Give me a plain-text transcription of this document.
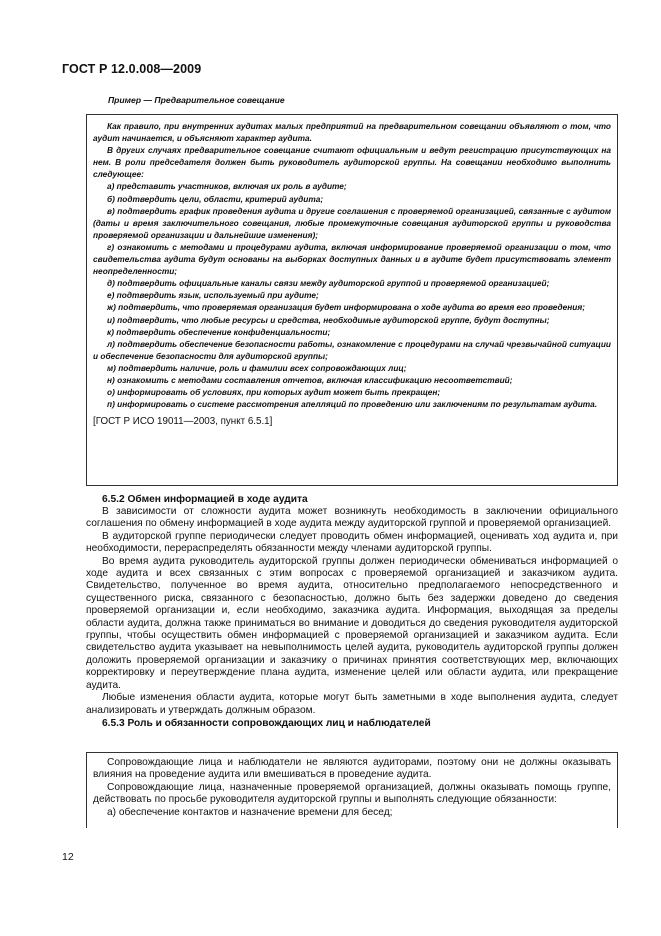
ГОСТ Р 12.0.008—2009
Пример — Предварительное совещание

Как правило, при внутренних аудитах малых предприятий на предварительном совещании объявляют о том, что аудит начинается, и объясняют характер аудита.

В других случаях предварительное совещание считают официальным и ведут регистрацию присутствующих на нем. В роли председателя должен быть руководитель аудиторской группы. На совещании необходимо выполнить следующее:

а) представить участников, включая их роль в аудите;

б) подтвердить цели, области, критерий аудита;

в) подтвердить график проведения аудита и другие соглашения с проверяемой организацией, связанные с аудитом (даты и время заключительного совещания, любые промежуточные совещания аудиторской группы и руководства проверяемой организации и дальнейшие изменения);

г) ознакомить с методами и процедурами аудита, включая информирование проверяемой организации о том, что свидетельства аудита будут основаны на выборках доступных данных и в аудите будет присутствовать элемент неопределенности;

д) подтвердить официальные каналы связи между аудиторской группой и проверяемой организацией;

е) подтвердить язык, используемый при аудите;

ж) подтвердить, что проверяемая организация будет информирована о ходе аудита во время его проведения;

и) подтвердить, что любые ресурсы и средства, необходимые аудиторской группе, будут доступны;

к) подтвердить обеспечение конфиденциальности;

л) подтвердить обеспечение безопасности работы, ознакомление с процедурами на случай чрезвычайной ситуации и обеспечение безопасности для аудиторской группы;

м) подтвердить наличие, роль и фамилии всех сопровождающих лиц;

н) ознакомить с методами составления отчетов, включая классификацию несоответствий;

о) информировать об условиях, при которых аудит может быть прекращен;

п) информировать о системе рассмотрения апелляций по проведению или заключениям по результатам аудита.

[ГОСТ Р ИСО 19011—2003, пункт 6.5.1]

6.5.2 Обмен информацией в ходе аудита

В зависимости от сложности аудита может возникнуть необходимость в заключении официального соглашения по обмену информацией в ходе аудита между аудиторской группой и проверяемой организацией.

В аудиторской группе периодически следует проводить обмен информацией, оценивать ход аудита и, при необходимости, перераспределять обязанности между членами аудиторской группы.

Во время аудита руководитель аудиторской группы должен периодически обмениваться информацией о ходе аудита и всех связанных с этим вопросах с проверяемой организацией и заказчиком аудита. Свидетельство, полученное во время аудита, относительно предполагаемого непосредственного и существенного риска, связанного с безопасностью, должно быть без задержки доведено до сведения проверяемой организации и, если необходимо, заказчика аудита. Информация, выходящая за пределы области аудита, должна также приниматься во внимание и доводиться до сведения руководителя аудиторской группы, чтобы осуществить обмен информацией с проверяемой организацией и заказчиком аудита. Если свидетельство аудита указывает на невыполнимость целей аудита, руководитель аудиторской группы должен доложить проверяемой организации и заказчику о причинах принятия соответствующих мер, включающих корректировку и переутверждение плана аудита, изменение целей или области аудита, или прекращение аудита.

Любые изменения области аудита, которые могут быть заметными в ходе выполнения аудита, следует анализировать и утверждать должным образом.

6.5.3 Роль и обязанности сопровождающих лиц и наблюдателей

Сопровождающие лица и наблюдатели не являются аудиторами, поэтому они не должны оказывать влияния на проведение аудита или вмешиваться в проведение аудита.

Сопровождающие лица, назначенные проверяемой организацией, должны оказывать помощь группе, действовать по просьбе руководителя аудиторской группы и выполнять следующие обязанности:

а) обеспечение контактов и назначение времени для бесед;

12
